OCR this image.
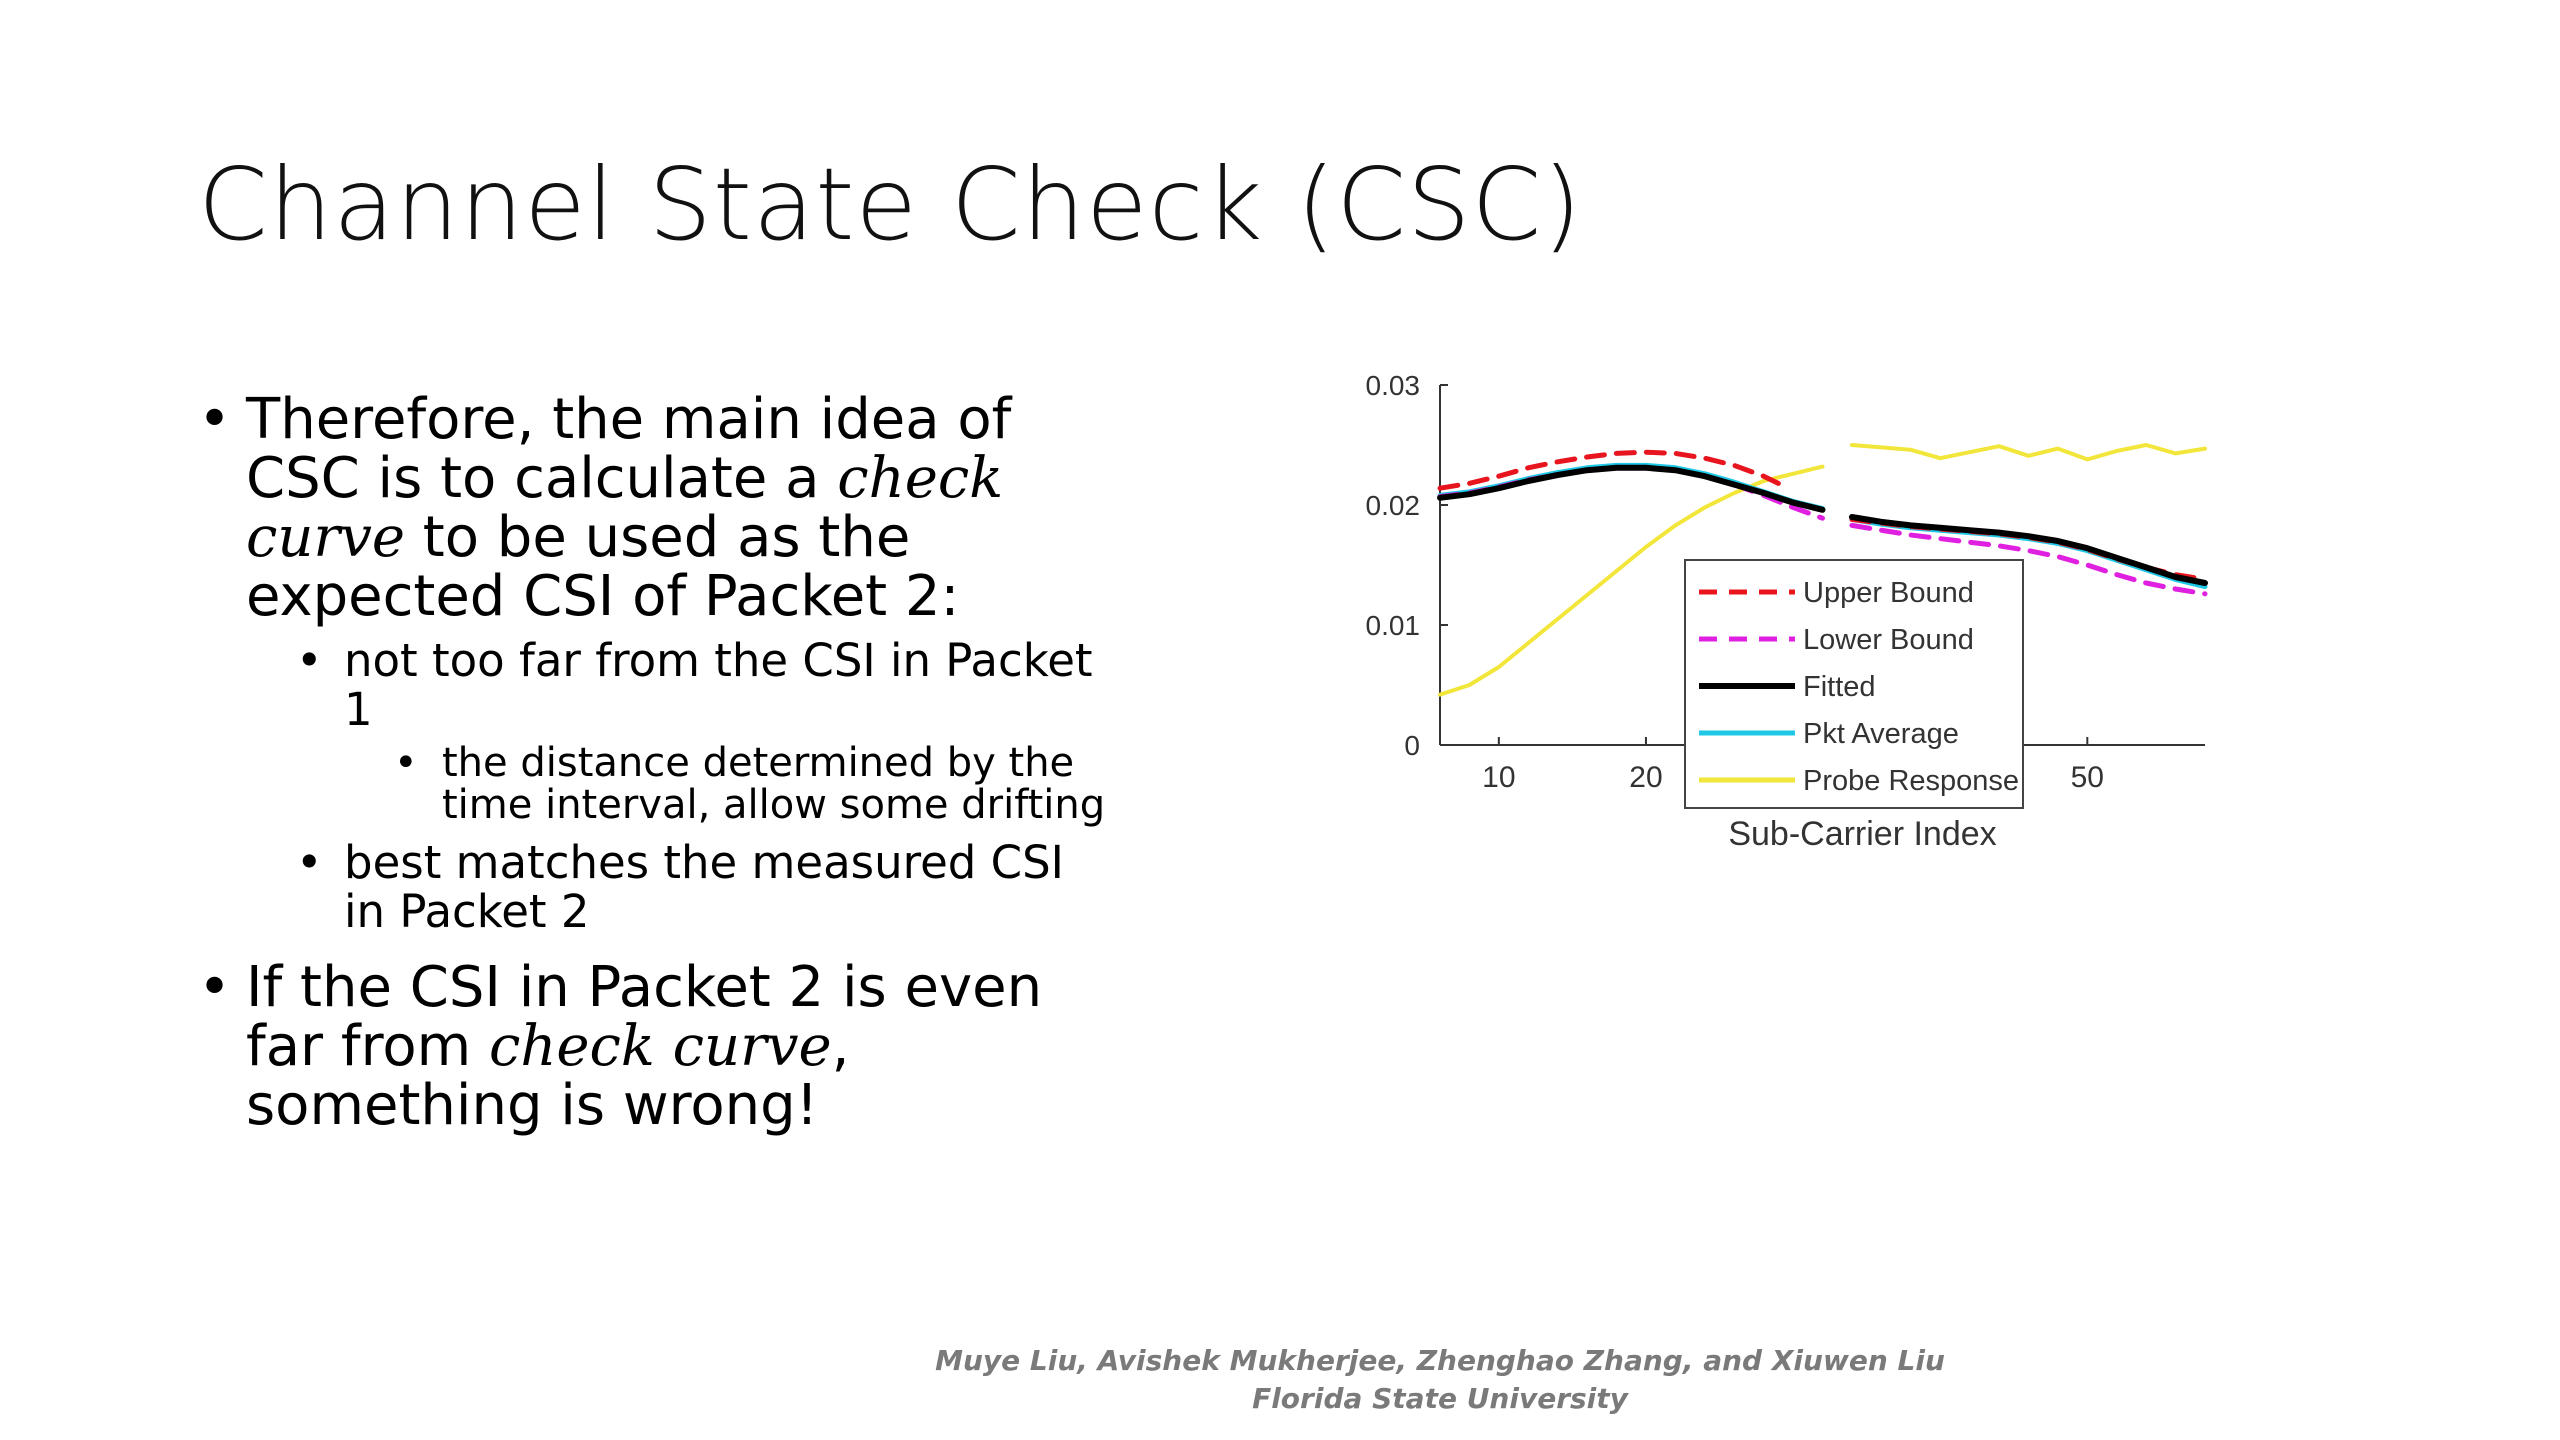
Channel State Check (CSC)
• Therefore, the main idea of CSC is to calculate a check curve to be used as the expected CSI of Packet 2:
• not too far from the CSI in Packet 1
• the distance determined by the time interval, allow some drifting
• best matches the measured CSI in Packet 2
• If the CSI in Packet 2 is even far from check curve, something is wrong!
0
0.01
0.02
0.03
10	20	50
Upper Bound
Lower Bound
Fitted
Pkt Average
Probe Response
Sub-Carrier Index
Muye Liu, Avishek Mukherjee, Zhenghao Zhang, and Xiuwen Liu
Florida State University
